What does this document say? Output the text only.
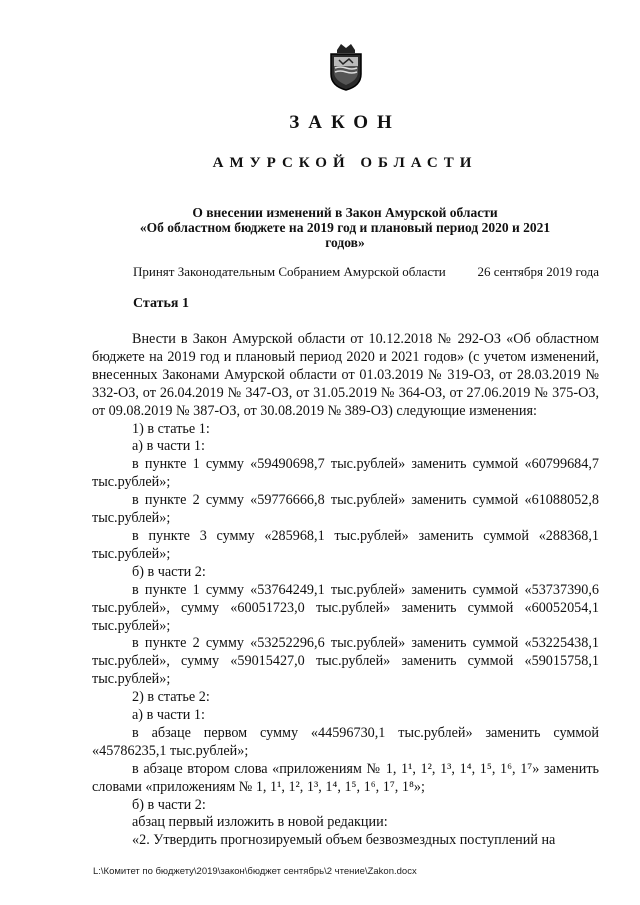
ЗАКОН
АМУРСКОЙ ОБЛАСТИ
О внесении изменений в Закон Амурской области
«Об областном бюджете на 2019 год и плановый период 2020 и 2021
годов»
Принят Законодательным Собранием Амурской области 26 сентября 2019 года
Статья 1

Внести в Закон Амурской области от 10.12.2018 № 292-ОЗ «Об областном бюджете на 2019 год и плановый период 2020 и 2021 годов» (с учетом изменений, внесенных Законами Амурской области от 01.03.2019 № 319-ОЗ, от 28.03.2019 № 332-ОЗ, от 26.04.2019 № 347-ОЗ, от 31.05.2019 № 364-ОЗ, от 27.06.2019 № 375-ОЗ, от 09.08.2019 № 387-ОЗ, от 30.08.2019 № 389-ОЗ) следующие изменения:

1) в статье 1:

а) в части 1:

в пункте 1 сумму «59490698,7 тыс.рублей» заменить суммой «60799684,7 тыс.рублей»;

в пункте 2 сумму «59776666,8 тыс.рублей» заменить суммой «61088052,8 тыс.рублей»;

в пункте 3 сумму «285968,1 тыс.рублей» заменить суммой «288368,1 тыс.рублей»;

б) в части 2:

в пункте 1 сумму «53764249,1 тыс.рублей» заменить суммой «53737390,6 тыс.рублей», сумму «60051723,0 тыс.рублей» заменить суммой «60052054,1 тыс.рублей»;

в пункте 2 сумму «53252296,6 тыс.рублей» заменить суммой «53225438,1 тыс.рублей», сумму «59015427,0 тыс.рублей» заменить суммой «59015758,1 тыс.рублей»;

2) в статье 2:

а) в части 1:

в абзаце первом сумму «44596730,1 тыс.рублей» заменить суммой «45786235,1 тыс.рублей»;

в абзаце втором слова «приложениям № 1, 1¹, 1², 1³, 1⁴, 1⁵, 1⁶, 1⁷» заменить словами «приложениям № 1, 1¹, 1², 1³, 1⁴, 1⁵, 1⁶, 1⁷, 1⁸»;

б) в части 2:

абзац первый изложить в новой редакции:

«2. Утвердить прогнозируемый объем безвозмездных поступлений на

L:\Комитет по бюджету\2019\закон\бюджет сентябрь\2 чтение\Zakon.docx
